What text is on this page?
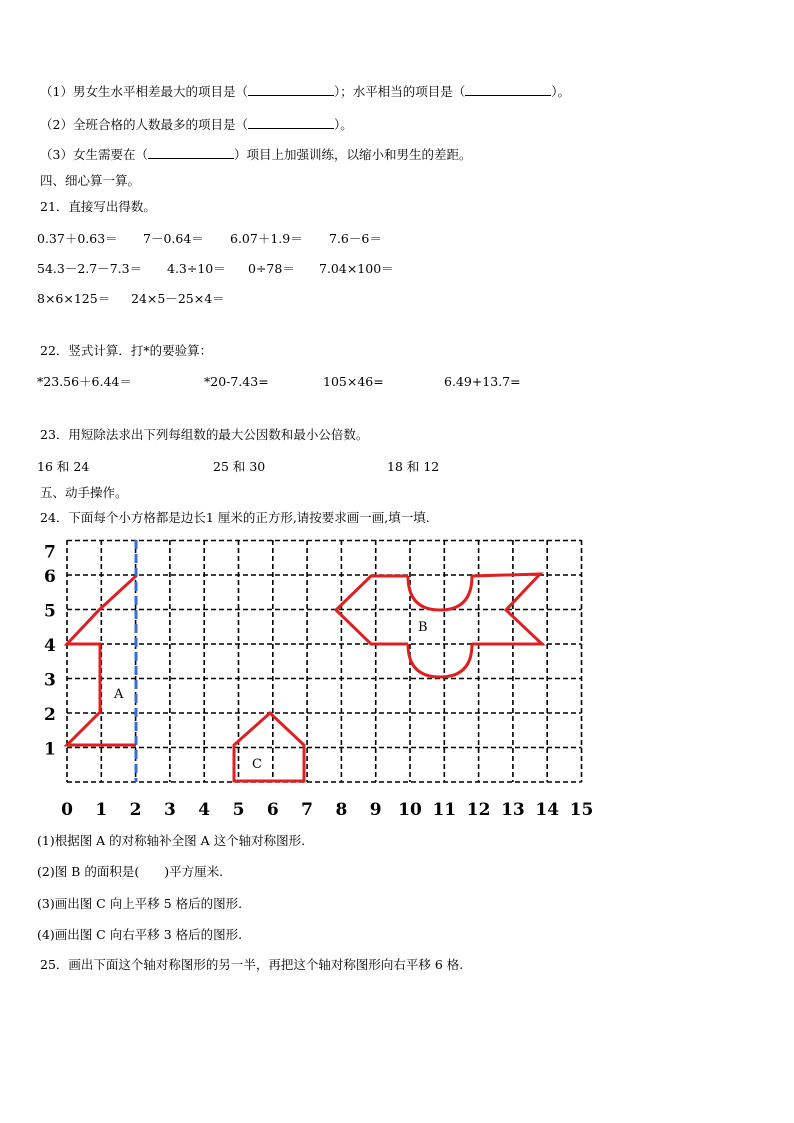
（1）男女生水平相差最大的项目是（	）；水平相当的项目是（	）。
（2）全班合格的人数最多的项目是（	）。
（3）女生需要在（	）项目上加强训练，以缩小和男生的差距。
四、细心算一算。
21．直接写出得数。
0.37＋0.63＝ 7－0.64＝ 6.07＋1.9＝ 7.6－6＝
54.3－2.7－7.3＝ 4.3÷10＝ 0÷78＝ 7.04×100＝
8×6×125＝ 24×5－25×4＝
22．竖式计算．打*的要验算：
*23.56＋6.44＝	*20-7.43=	105×46=	6.49+13.7=
23．用短除法求出下列每组数的最大公因数和最小公倍数。
16 和 24	25 和 30	18 和 12
五、动手操作。
24．下面每个小方格都是边长1 厘米的正方形,请按要求画一画,填一填.
1
2
3
4
5
6
7
0 1 2 3 4 5 6 7 8 9 10 11 12 13 14 15
A
B
C
(1)根据图 A 的对称轴补全图 A 这个轴对称图形.
(2)图 B 的面积是(　　)平方厘米.
(3)画出图 C 向上平移 5 格后的图形.
(4)画出图 C 向右平移 3 格后的图形.
25．画出下面这个轴对称图形的另一半，再把这个轴对称图形向右平移 6 格.
